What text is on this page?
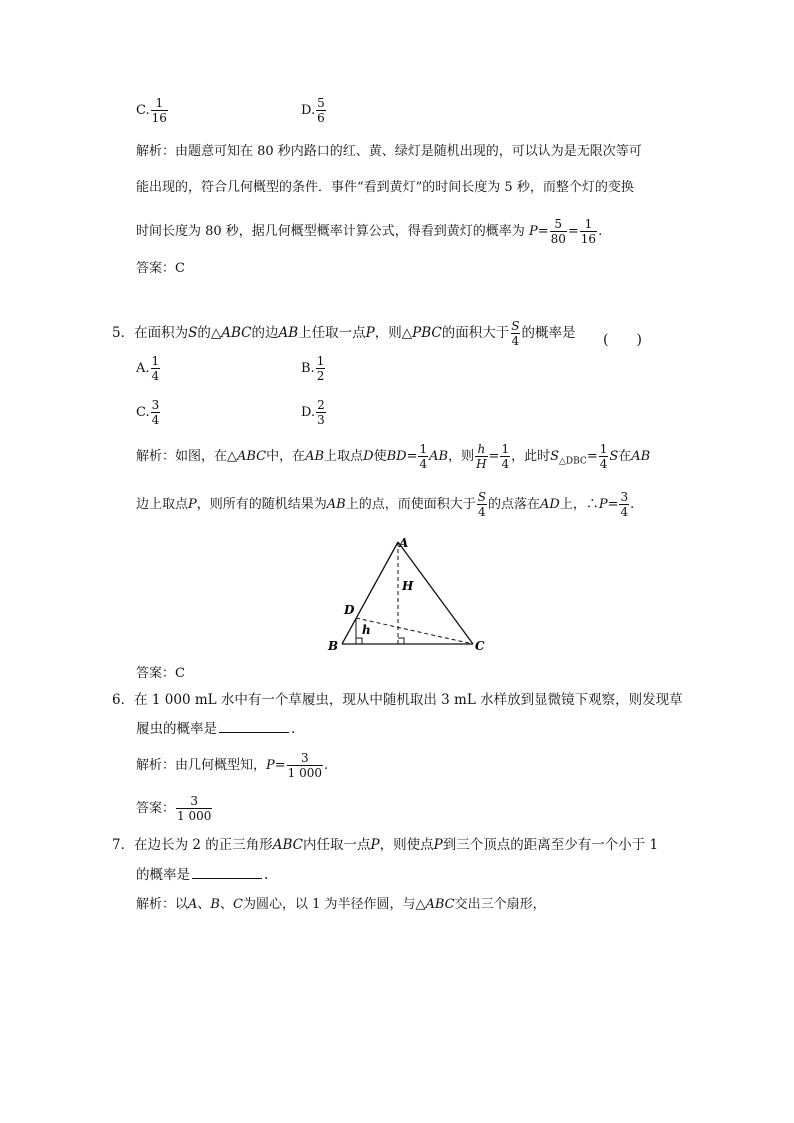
C. $\frac{1}{16}$	D. $\frac{5}{6}$
解析：由题意可知在 80 秒内路口的红、黄、绿灯是随机出现的，可以认为是无限次等可
能出现的，符合几何概型的条件．事件“看到黄灯”的时间长度为 5 秒，而整个灯的变换
时间长度为 80 秒，据几何概型概率计算公式，得看到黄灯的概率为 $P= \frac{5}{80} = \frac{1}{16}$ .
答案：C
5．在面积为S的△ABC的边AB上任取一点P，则△PBC的面积大于 $\frac{S}{4}$ 的概率是 (　　)
A. $\frac{1}{4}$	B. $\frac{1}{2}$
C. $\frac{3}{4}$	D. $\frac{2}{3}$
解析：如图，在△ABC中，在AB上取点D使$BD= \frac{1}{4}$ AB，则 $\frac{h}{H} = \frac{1}{4}$ ，此时$S_{\triangle DBC}= \frac{1}{4}$ S在AB
边上取点P，则所有的随机结果为AB上的点，而使面积大于 $\frac{S}{4}$ 的点落在AD上，∴P= $\frac{3}{4}$ .
A
B	C
D
H
h
答案：C
6．在 1 000 mL 水中有一个草履虫，现从中随机取出 3 mL 水样放到显微镜下观察，则发现草
履虫的概率是	.
解析：由几何概型知，$P= \frac{3}{1 000}$ .
答案： $\frac{3}{1 000}$
7．在边长为 2 的正三角形ABC内任取一点P，则使点P到三个顶点的距离至少有一个小于 1
的概率是	.
解析：以A、B、C为圆心，以 1 为半径作圆，与△ABC交出三个扇形，
